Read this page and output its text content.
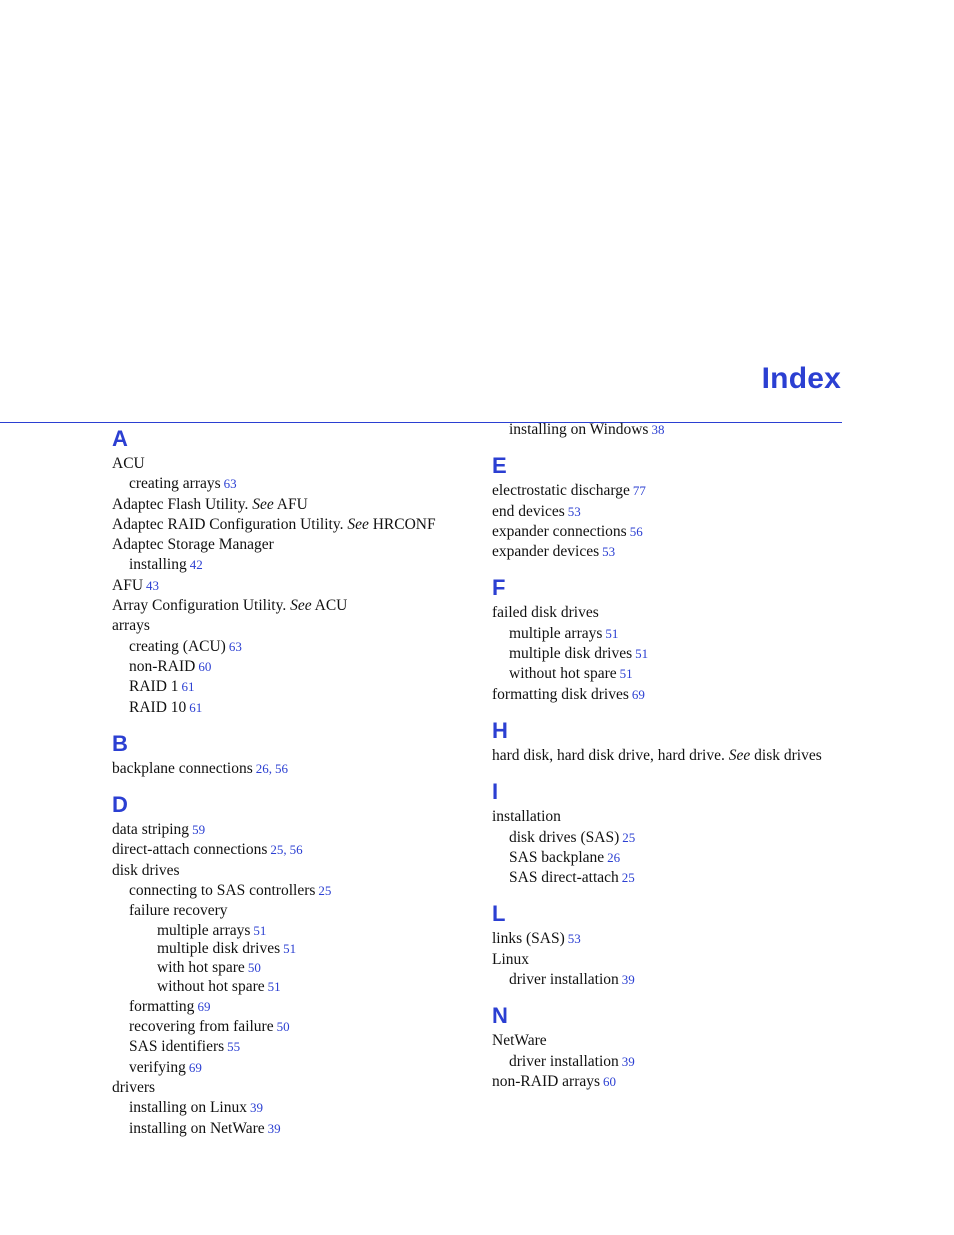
Index
A
ACU
creating arrays 63
Adaptec Flash Utility. See AFU
Adaptec RAID Configuration Utility. See HRCONF
Adaptec Storage Manager
installing 42
AFU 43
Array Configuration Utility. See ACU
arrays
creating (ACU) 63
non-RAID 60
RAID 1 61
RAID 10 61
B
backplane connections 26, 56
D
data striping 59
direct-attach connections 25, 56
disk drives
connecting to SAS controllers 25
failure recovery
multiple arrays 51
multiple disk drives 51
with hot spare 50
without hot spare 51
formatting 69
recovering from failure 50
SAS identifiers 55
verifying 69
drivers
installing on Linux 39
installing on NetWare 39
installing on Windows 38
E
electrostatic discharge 77
end devices 53
expander connections 56
expander devices 53
F
failed disk drives
multiple arrays 51
multiple disk drives 51
without hot spare 51
formatting disk drives 69
H
hard disk, hard disk drive, hard drive. See disk drives
I
installation
disk drives (SAS) 25
SAS backplane 26
SAS direct-attach 25
L
links (SAS) 53
Linux
driver installation 39
N
NetWare
driver installation 39
non-RAID arrays 60
